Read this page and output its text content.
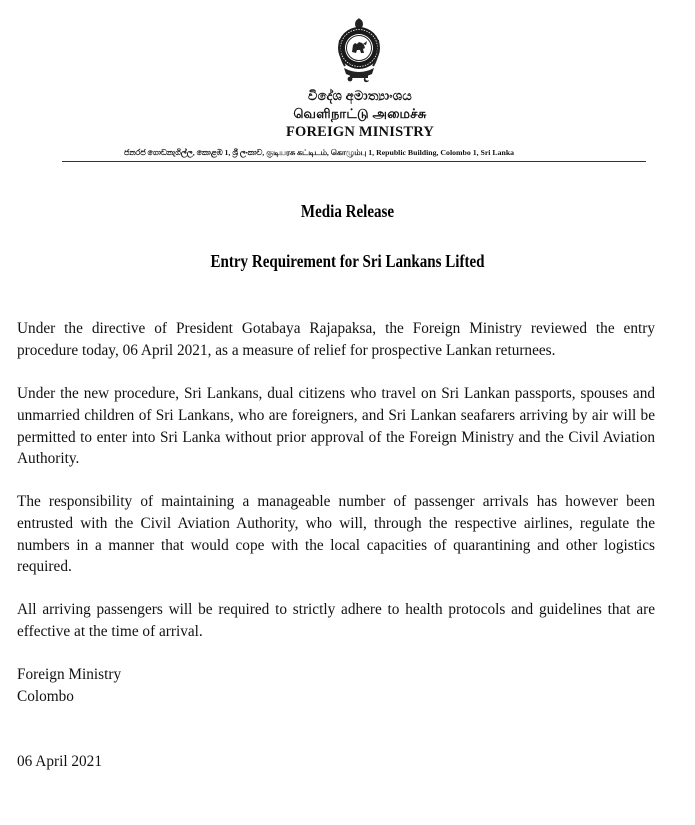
විදේශ අමාත්‍යාංශය
வெளிநாட்டு அமைச்சு
FOREIGN MINISTRY
ජනරජ ගොඩනැගිල්ල, කොළඹ 1, ශ්‍රී ලංකාව, குடியரசு கட்டிடம், கொழும்பு 1, Republic Building, Colombo 1, Sri Lanka
Media Release
Entry Requirement for Sri Lankans Lifted

Under the directive of President Gotabaya Rajapaksa, the Foreign Ministry reviewed the entry procedure today, 06 April 2021, as a measure of relief for prospective Lankan returnees.

Under the new procedure, Sri Lankans, dual citizens who travel on Sri Lankan passports, spouses and unmarried children of Sri Lankans, who are foreigners, and Sri Lankan seafarers arriving by air will be permitted to enter into Sri Lanka without prior approval of the Foreign Ministry and the Civil Aviation Authority.

The responsibility of maintaining a manageable number of passenger arrivals has however been entrusted with the Civil Aviation Authority, who will, through the respective airlines, regulate the numbers in a manner that would cope with the local capacities of quarantining and other logistics required.

All arriving passengers will be required to strictly adhere to health protocols and guidelines that are effective at the time of arrival.

Foreign Ministry
Colombo
06 April 2021
